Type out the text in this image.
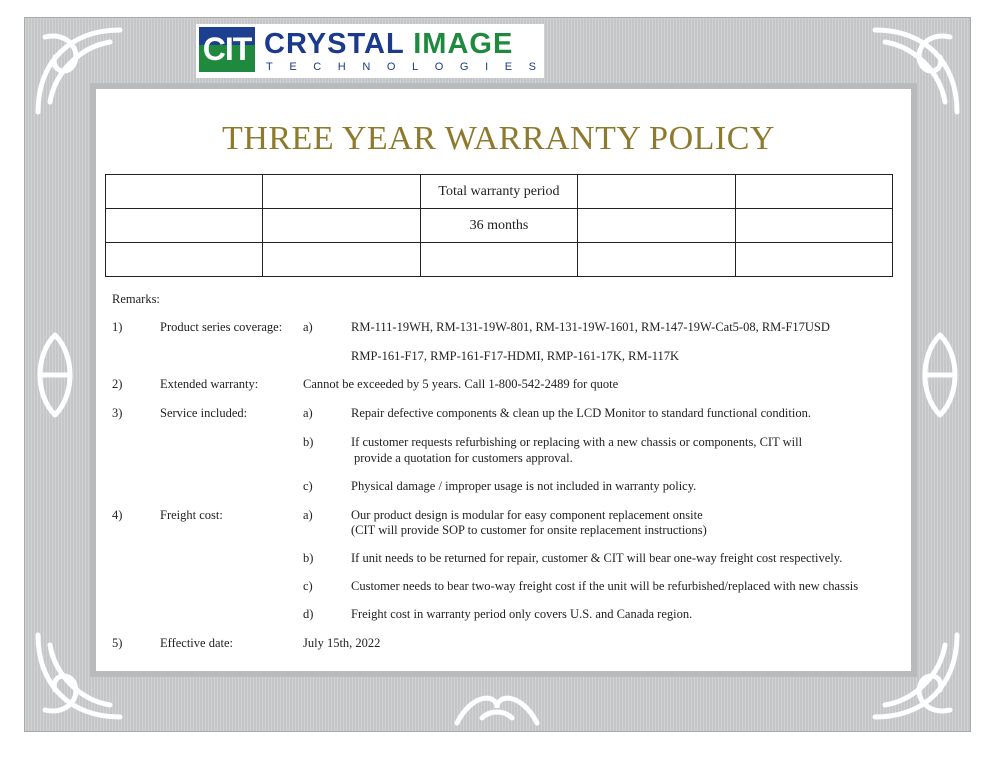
CIT CRYSTAL IMAGE
TECHNOLOGIES
THREE YEAR WARRANTY POLICY
		Total warranty period		
		36 months		

Remarks:
1)	Product series coverage: a)	RM-111-19WH, RM-131-19W-801, RM-131-19W-1601, RM-147-19W-Cat5-08, RM-F17USD
RMP-161-F17, RMP-161-F17-HDMI, RMP-161-17K, RM-117K
2)	Extended warranty:	Cannot be exceeded by 5 years. Call 1-800-542-2489 for quote
3)	Service included:	a)	Repair defective components & clean up the LCD Monitor to standard functional condition.
b)	If customer requests refurbishing or replacing with a new chassis or components, CIT will
provide a quotation for customers approval.
c)	Physical damage / improper usage is not included in warranty policy.
4)	Freight cost:	a)	Our product design is modular for easy component replacement onsite
(CIT will provide SOP to customer for onsite replacement instructions)
b)	If unit needs to be returned for repair, customer & CIT will bear one-way freight cost respectively.
c)	Customer needs to bear two-way freight cost if the unit will be refurbished/replaced with new chassis
d)	Freight cost in warranty period only covers U.S. and Canada region.
5)	Effective date:	July 15th, 2022
